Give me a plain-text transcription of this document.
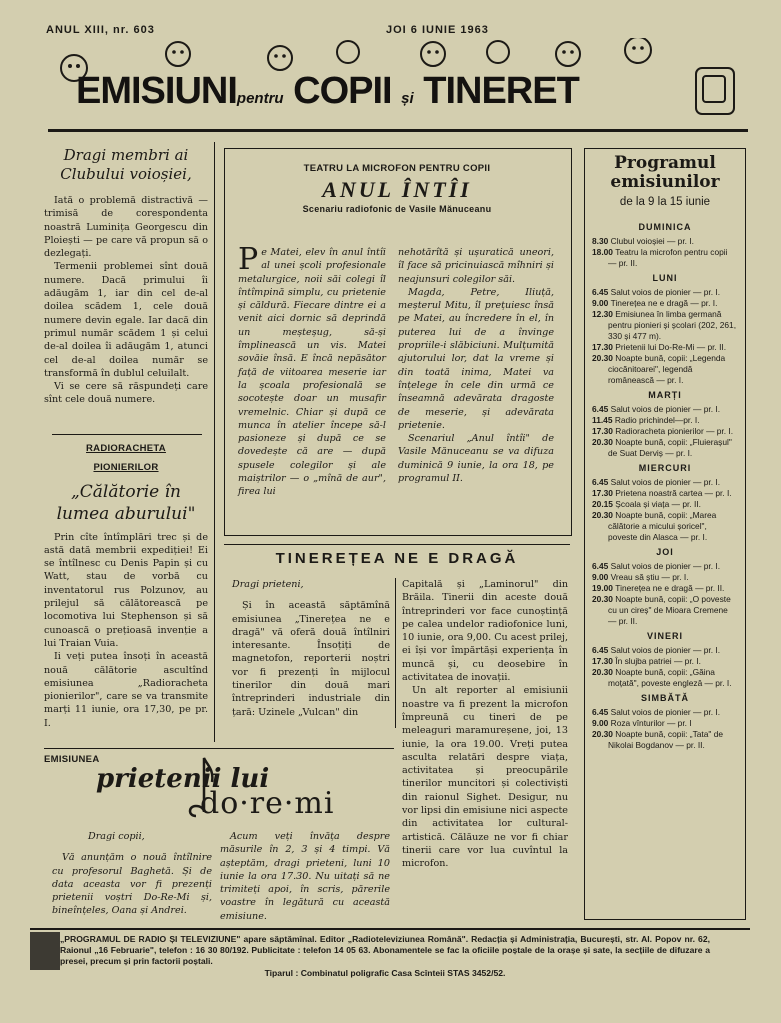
ANUL XIII, nr. 603	JOI 6 IUNIE 1963
EMISIUNIpentru COPII și TINERET
Dragi membri ai Clubului voioșiei,

Iată o problemă distractivă — trimisă de corespondenta noastră Luminița Georgescu din Ploiești — pe care vă propun să o dezlegați.

Termenii problemei sînt două numere. Dacă primului îi adăugăm 1, iar din cel de-al doilea scădem 1, cele două numere devin egale. Iar dacă din primul număr scădem 1 și celui de-al doilea îi adăugăm 1, atunci cel de-al doilea număr se transformă în dublul celuilalt.

Vi se cere să răspundeți care sînt cele două numere.

RADIORACHETA
PIONIERILOR
„Călătorie în lumea aburului"

Prin cîte întîmplări trec și de astă dată membrii expediției! Ei se întîlnesc cu Denis Papin și cu Watt, stau de vorbă cu inventatorul rus Polzunov, au prilejul să călătorească pe locomotiva lui Stephenson și să cunoască o prețioasă invenție a lui Traian Vuia.

Ii veți putea însoți în această nouă călătorie ascultînd emisiunea „Radioracheta pionierilor", care se va transmite marți 11 iunie, ora 17,30, pe pr. I.

TEATRU LA MICROFON PENTRU COPII
ANUL ÎNTÎI
Scenariu radiofonic de Vasile Mănuceanu
Pe Matei, elev în anul întîi al unei școli profesionale metalurgice, noii săi colegi îl întîmpină simplu, cu prietenie și căldură. Fiecare dintre ei a venit aici dornic să deprindă un meșteșug, să-și împlinească un vis. Matei sovăie însă. E încă nepăsător față de viitoarea meserie iar la școala profesională se socotește doar un musafir vremelnic. Chiar și după ce munca în atelier începe să-l pasioneze și după ce se dovedește că are — după spusele colegilor și ale maiștrilor — o „mînă de aur", firea lui
nehotărîtă și ușuratică uneori, îl face să pricinuiască mîhniri și neajunsuri colegilor săi.

Magda, Petre, Iliuță, meșterul Mitu, îl prețuiesc însă pe Matei, au încredere în el, în puterea lui de a învinge propriile-i slăbiciuni. Mulțumită ajutorului lor, dat la vreme și din toată inima, Matei va înțelege în cele din urmă ce înseamnă adevărata dragoste de meserie, și adevărata prietenie.

Scenariul „Anul întîi" de Vasile Mănuceanu se va difuza duminică 9 iunie, la ora 18, pe programul II.

TINEREȚEA NE E DRAGĂ
Dragi prieteni,

Și în această săptămînă emisiunea „Tinerețea ne e dragă" vă oferă două întîlniri interesante. Însoțiți de magnetofon, reporterii noștri vor fi prezenți în mijlocul tinerilor din două mari întreprinderi industriale din țară: Uzinele „Vulcan" din

Capitală și „Laminorul" din Brăila. Tinerii din aceste două întreprinderi vor face cunoștință pe calea undelor radiofonice luni, 10 iunie, ora 9,00. Cu acest prilej, ei își vor împărtăși experiența în muncă și, cu deosebire în activitatea de inovații.

Un alt reporter al emisiunii noastre va fi prezent la microfon împreună cu tineri de pe meleaguri maramureșene, joi, 13 iunie, la ora 19.00. Vreți putea asculta relatări despre viața, activitatea și preocupările tinerilor muncitori și colectiviști din raionul Sighet. Desigur, nu vor lipsi din emisiune nici aspecte din activitatea lor cultural-artistică. Călăuze ne vor fi chiar tinerii care vor lua cuvîntul la microfon.

EMISIUNEA
prietenii lui
do·re·mi
Dragi copii,

Vă anunțăm o nouă întîlnire cu profesorul Baghetă. Și de data aceasta vor fi prezenți prietenii voștri Do-Re-Mi și, bineînțeles, Oana și Andrei.

Acum veți învăța despre măsurile în 2, 3 și 4 timpi. Vă așteptăm, dragi prieteni, luni 10 iunie la ora 17.30. Nu uitați să ne trimiteți apoi, în scris, părerile voastre în legătură cu această emisiune.

Programul
emisiunilor
de la 9 la 15 iunie
DUMINICA
8.30 Clubul voioșiei — pr. I.
18.00 Teatru la microfon pentru copii — pr. II.
LUNI
6.45 Salut voios de pionier — pr. I.
9.00 Tinerețea ne e dragă — pr. I.
12.30 Emisiunea în limba germană pentru pionieri și școlari (202, 261, 330 și 477 m).
17.30 Prietenii lui Do-Re-Mi — pr. II.
20.30 Noapte bună, copii: „Legenda ciocănitoarei", legendă românească — pr. I.
MARȚI
6.45 Salut voios de pionier — pr. I.
11.45 Radio prichindel—pr. I.
17.30 Radioracheta pionierilor — pr. I.
20.30 Noapte bună, copii: „Fluierașul" de Suat Derviș — pr. I.
MIERCURI
6.45 Salut voios de pionier — pr. I.
17.30 Prietena noastră cartea — pr. I.
20.15 Școala și viața — pr. II.
20.30 Noapte bună, copii: „Marea călătorie a micului șoricel", poveste din Alasca — pr. I.
JOI
6.45 Salut voios de pionier — pr. I.
9.00 Vreau să știu — pr. I.
19.00 Tinerețea ne e dragă — pr. II.
20.30 Noapte bună, copii: „O poveste cu un cireș" de Mioara Cremene — pr. II.
VINERI
6.45 Salut voios de pionier — pr. I.
17.30 În slujba patriei — pr. I.
20.30 Noapte bună, copii: „Găina moțată", poveste englezâ — pr. I.
SIMBĂTĂ
6.45 Salut voios de pionier — pr. I.
9.00 Roza vînturilor — pr. I
20.30 Noapte bună, copii: „Tata" de Nikolai Bogdanov — pr. II.
„PROGRAMUL DE RADIO ȘI TELEVIZIUNE" apare săptămînal. Editor „Radioteleviziunea Română". Redacția și Administrația, București, str. Al. Popov nr. 62, Raionul „16 Februarie", telefon : 16 30 80/192. Publicitate : telefon 14 05 63. Abonamentele se fac la oficiile poștale de la orașe și sate, la secțiile de difuzare a presei, precum și prin factorii poștali.
Tiparul : Combinatul poligrafic Casa Scînteii STAS 3452/52.
